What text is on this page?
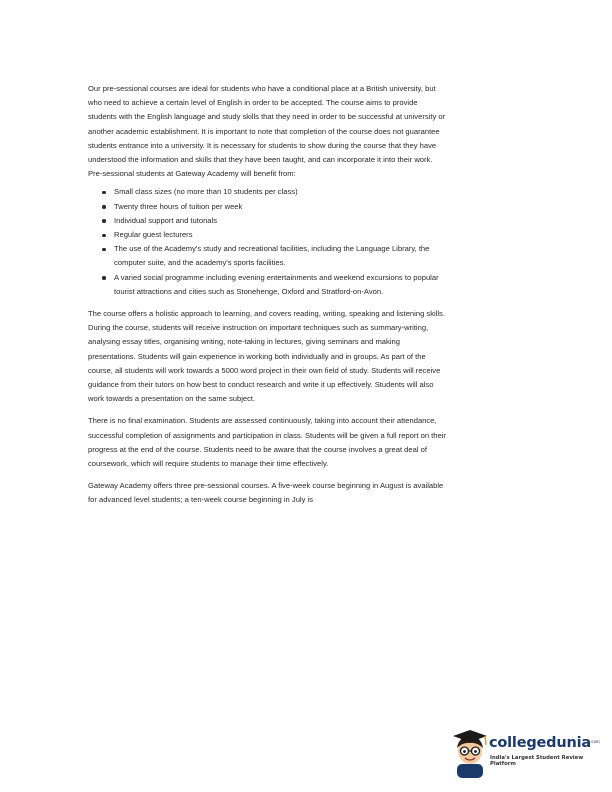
Our pre-sessional courses are ideal for students who have a conditional place at a British university, but who need to achieve a certain level of English in order to be accepted. The course aims to provide students with the English language and study skills that they need in order to be successful at university or another academic establishment. It is important to note that completion of the course does not guarantee students entrance into a university. It is necessary for students to show during the course that they have understood the information and skills that they have been taught, and can incorporate it into their work.

Pre-sessional students at Gateway Academy will benefit from:

Small class sizes (no more than 10 students per class)
Twenty three hours of tuition per week
Individual support and tutorials
Regular guest lecturers
The use of the Academy's study and recreational facilities, including the Language Library, the computer suite, and the academy's sports facilities.
A varied social programme including evening entertainments and weekend excursions to popular tourist attractions and cities such as Stonehenge, Oxford and Stratford-on-Avon.

The course offers a holistic approach to learning, and covers reading, writing, speaking and listening skills. During the course, students will receive instruction on important techniques such as summary-writing, analysing essay titles, organising writing, note-taking in lectures, giving seminars and making presentations. Students will gain experience in working both individually and in groups. As part of the course, all students will work towards a 5000 word project in their own field of study. Students will receive guidance from their tutors on how best to conduct research and write it up effectively. Students will also work towards a presentation on the same subject.

There is no final examination. Students are assessed continuously, taking into account their attendance, successful completion of assignments and participation in class. Students will be given a full report on their progress at the end of the course. Students need to be aware that the course involves a great deal of coursework, which will require students to manage their time effectively.

Gateway Academy offers three pre-sessional courses. A five-week course beginning in August is available for advanced level students; a ten-week course beginning in July is

collegedunia .com
India's Largest Student Review Platform
